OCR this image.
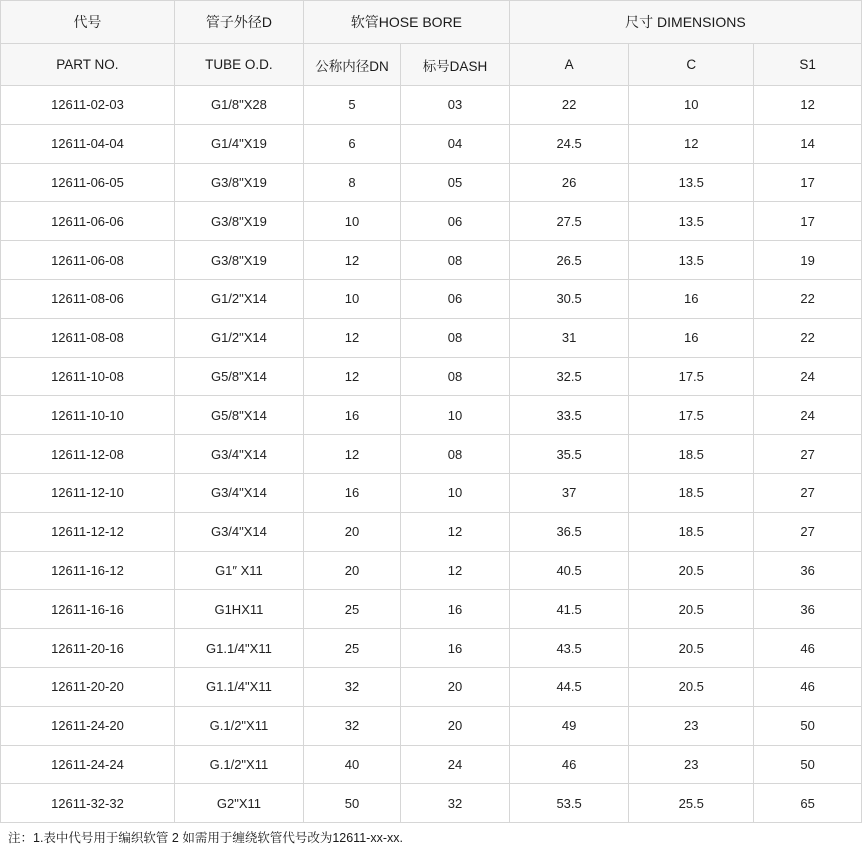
代号	管子外径D	软管HOSE BORE		尺寸 DIMENSIONS		
PART NO.	TUBE O.D.	公称内径DN	标号DASH	A	C	S1
12611-02-03	G1/8"X28	5	03	22	10	12
12611-04-04	G1/4"X19	6	04	24.5	12	14
12611-06-05	G3/8"X19	8	05	26	13.5	17
12611-06-06	G3/8"X19	10	06	27.5	13.5	17
12611-06-08	G3/8"X19	12	08	26.5	13.5	19
12611-08-06	G1/2"X14	10	06	30.5	16	22
12611-08-08	G1/2"X14	12	08	31	16	22
12611-10-08	G5/8"X14	12	08	32.5	17.5	24
12611-10-10	G5/8"X14	16	10	33.5	17.5	24
12611-12-08	G3/4"X14	12	08	35.5	18.5	27
12611-12-10	G3/4"X14	16	10	37	18.5	27
12611-12-12	G3/4"X14	20	12	36.5	18.5	27
12611-16-12	G1″ X11	20	12	40.5	20.5	36
12611-16-16	G1HX11	25	16	41.5	20.5	36
12611-20-16	G1.1/4"X11	25	16	43.5	20.5	46
12611-20-20	G1.1/4"X11	32	20	44.5	20.5	46
12611-24-20	G.1/2"X11	32	20	49	23	50
12611-24-24	G.1/2"X11	40	24	46	23	50
12611-32-32	G2"X11	50	32	53.5	25.5	65
注：1.表中代号用于编织软管 2 如需用于缠绕软管代号改为12611-xx-xx.
